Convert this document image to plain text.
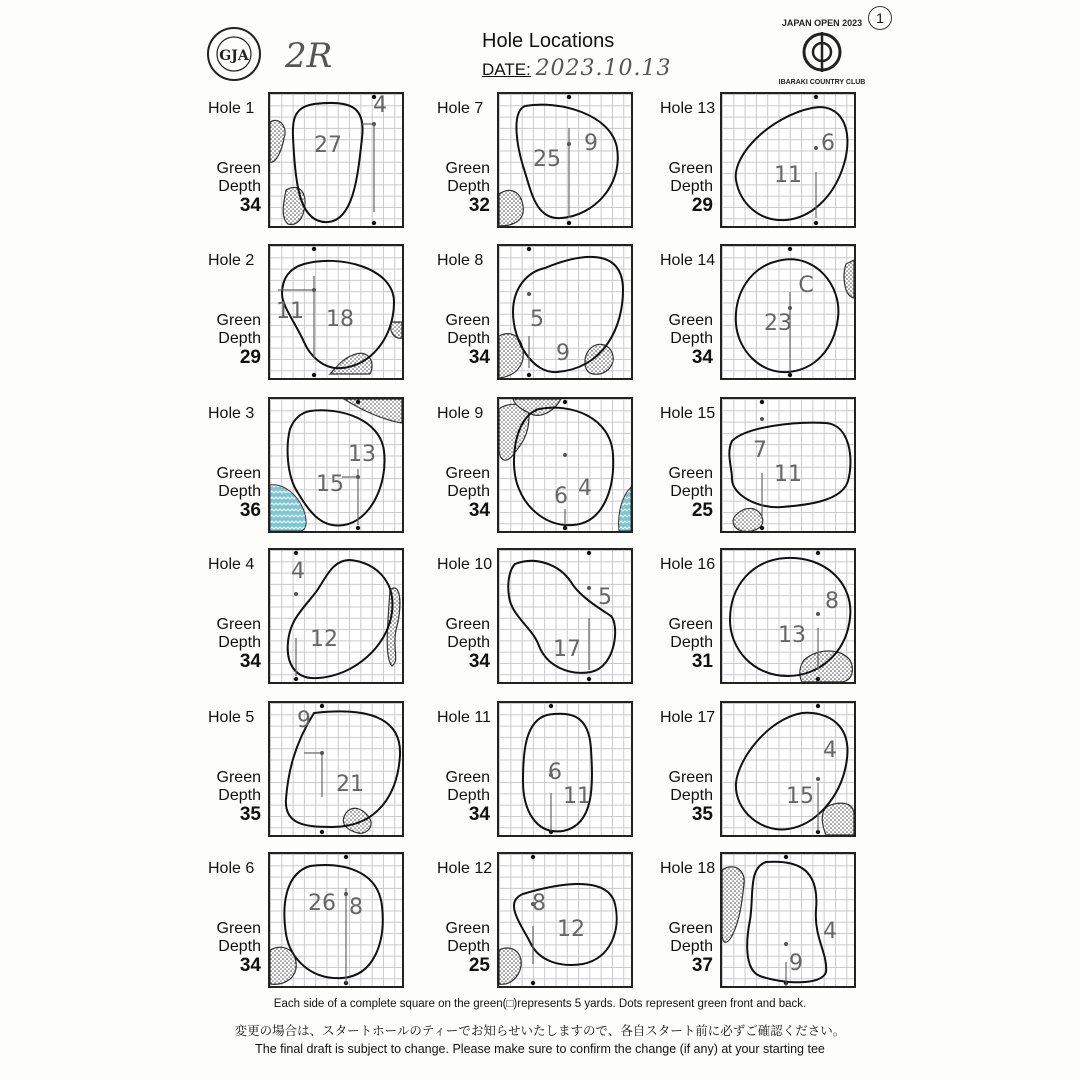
GJA 2R	Hole Locations
DATE: 2023.10.13
JAPAN OPEN 2023
IBARAKI COUNTRY CLUB
1
Hole 1
Green
Depth
34
27
4
Hole 2
Green
Depth
29
11 18
Hole 3
Green
Depth
36
15
13
Hole 4
Green
Depth
34
4
12
Hole 5
Green
Depth
35
9
21
Hole 6
Green
Depth
34
26 8
Hole 7
Green
Depth
32
25
9
Hole 8
Green
Depth
34
5
9
Hole 9
Green
Depth
34
6 4
Hole 10
Green
Depth
34	17
5
Hole 11
Green
Depth
34
6
11
Hole 12
Green
Depth
25
8
12
Hole 13
Green
Depth
29
11
6
Hole 14
Green
Depth
34
23
C
Hole 15
Green
Depth
25
7
11
Hole 16
Green
Depth
31
13
8
Hole 17
Green
Depth
35
15
4
Hole 18
Green
Depth
37	9
4
Each side of a complete square on the green(□)represents 5 yards. Dots represent green front and back.
変更の場合は、スタートホールのティーでお知らせいたしますので、各自スタート前に必ずご確認ください。
The final draft is subject to change. Please make sure to confirm the change (if any) at your starting tee
